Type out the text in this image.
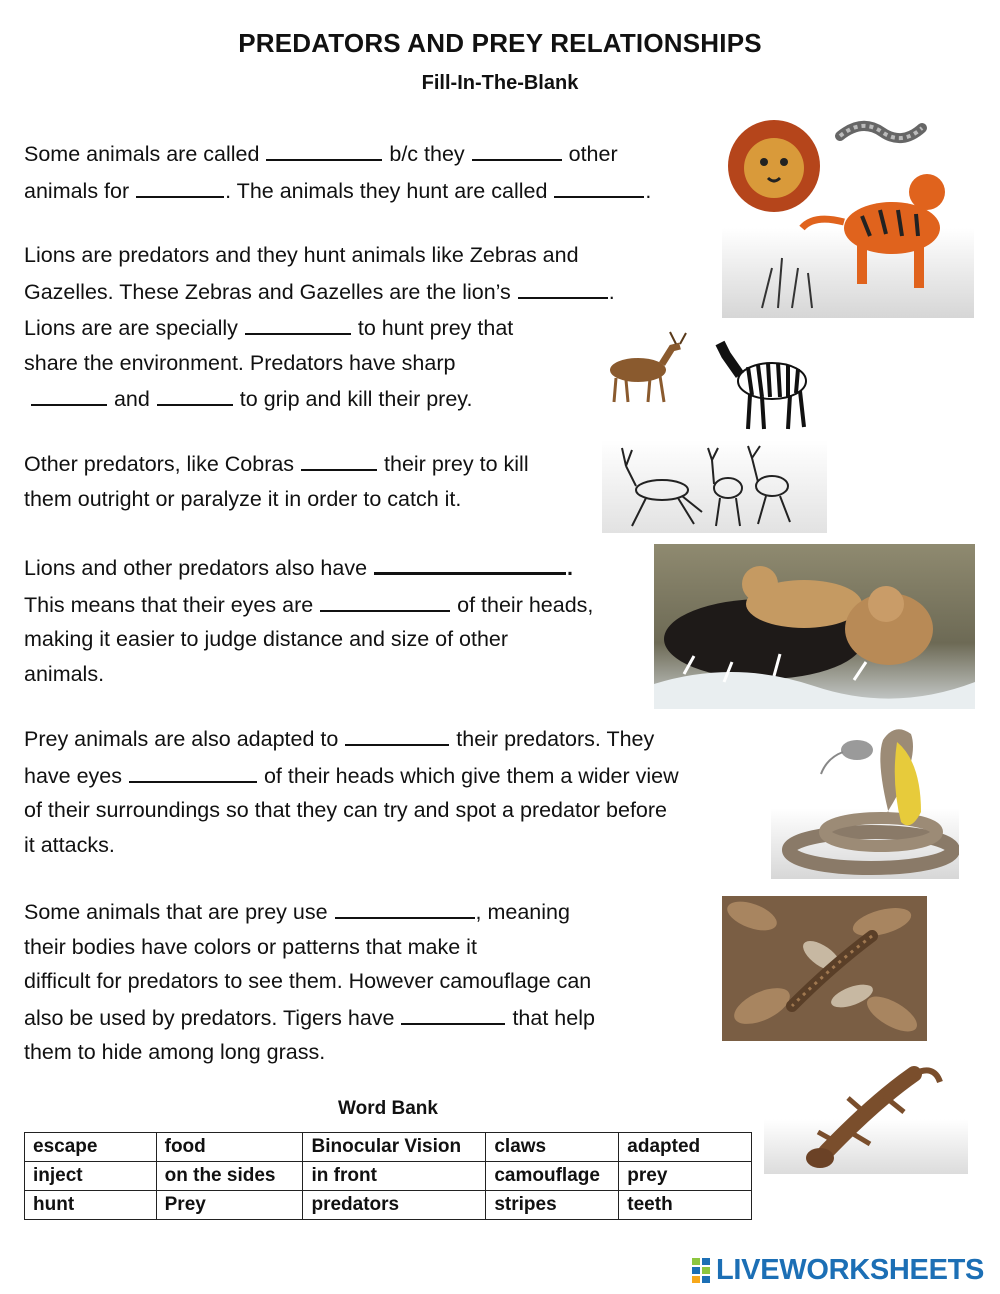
PREDATORS AND PREY RELATIONSHIPS
Fill-In-The-Blank
Some animals are called	b/c they	other
animals for	. The animals they hunt are called	.
Lions are predators and they hunt animals like Zebras and
Gazelles. These Zebras and Gazelles are the lion’s	.
Lions are are specially	to hunt prey that
share the environment. Predators have sharp
and	to grip and kill their prey.
Other predators, like Cobras	their prey to kill
them outright or paralyze it in order to catch it.
Lions and other predators also have	.
This means that their eyes are	of their heads,
making it easier to judge distance and size of other
animals.
Prey animals are also adapted to	their predators. They
have eyes	of their heads which give them a wider view
of their surroundings so that they can try and spot a predator before
it attacks.
Some animals that are prey use	, meaning
their bodies have colors or patterns that make it
difficult for predators to see them. However camouflage can
also be used by predators. Tigers have	that help
them to hide among long grass.
Word Bank
escape	food	Binocular Vision	claws	adapted
inject	on the sides	in front	camouflage	prey
hunt	Prey	predators	stripes	teeth
LIVEWORKSHEETS
